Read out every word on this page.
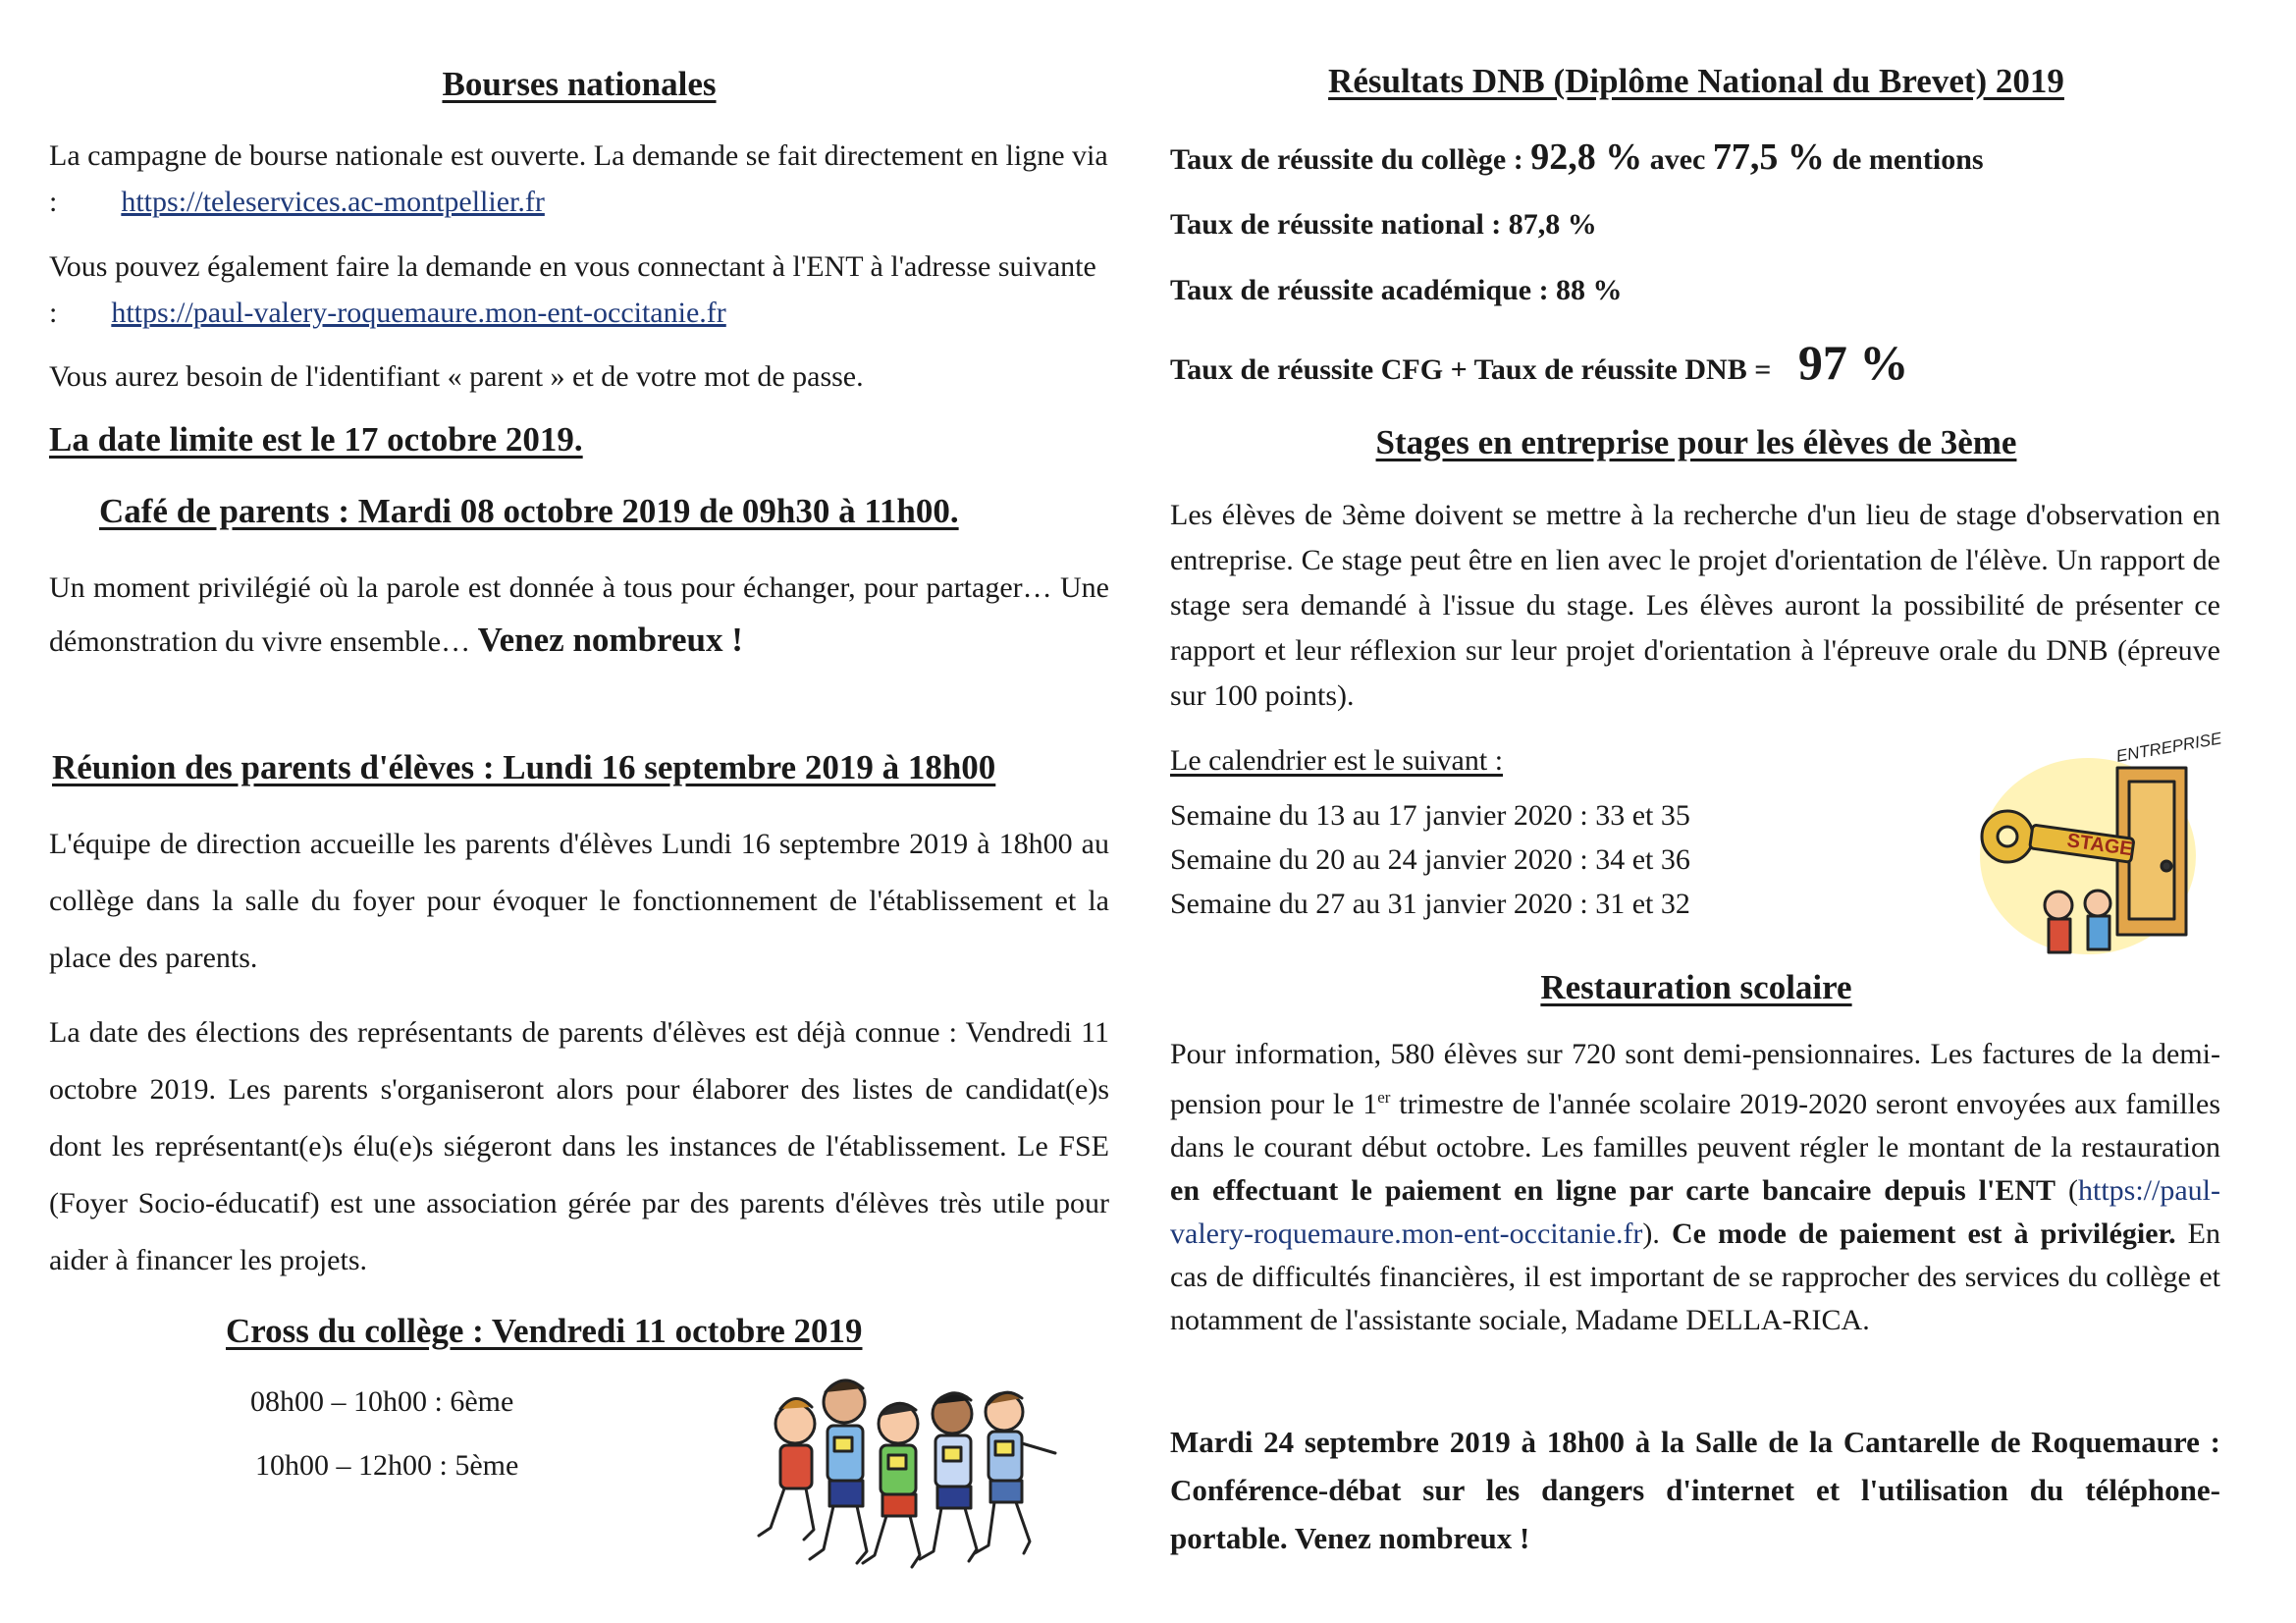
Bourses nationales

La campagne de bourse nationale est ouverte. La demande se fait directement en ligne via : https://teleservices.ac-montpellier.fr

Vous pouvez également faire la demande en vous connectant à l'ENT à l'adresse suivante : https://paul-valery-roquemaure.mon-ent-occitanie.fr

Vous aurez besoin de l'identifiant « parent » et de votre mot de passe.

La date limite est le 17 octobre 2019.
Café de parents : Mardi 08 octobre 2019 de 09h30 à 11h00.

Un moment privilégié où la parole est donnée à tous pour échanger, pour partager… Une démonstration du vivre ensemble… Venez nombreux !

Réunion des parents d'élèves : Lundi 16 septembre 2019 à 18h00

L'équipe de direction accueille les parents d'élèves Lundi 16 septembre 2019 à 18h00 au collège dans la salle du foyer pour évoquer le fonctionnement de l'établissement et la place des parents.

La date des élections des représentants de parents d'élèves est déjà connue : Vendredi 11 octobre 2019. Les parents s'organiseront alors pour élaborer des listes de candidat(e)s dont les représentant(e)s élu(e)s siégeront dans les instances de l'établissement. Le FSE (Foyer Socio-éducatif) est une association gérée par des parents d'élèves très utile pour aider à financer les projets.

Cross du collège : Vendredi 11 octobre 2019
08h00 – 10h00 : 6ème
10h00 – 12h00 : 5ème
Résultats DNB (Diplôme National du Brevet) 2019
Taux de réussite du collège : 92,8 % avec 77,5 % de mentions
Taux de réussite national : 87,8 %
Taux de réussite académique : 88 %
Taux de réussite CFG + Taux de réussite DNB = 97 %
Stages en entreprise pour les élèves de 3ème

Les élèves de 3ème doivent se mettre à la recherche d'un lieu de stage d'observation en entreprise. Ce stage peut être en lien avec le projet d'orientation de l'élève. Un rapport de stage sera demandé à l'issue du stage. Les élèves auront la possibilité de présenter ce rapport et leur réflexion sur leur projet d'orientation à l'épreuve orale du DNB (épreuve sur 100 points).

Le calendrier est le suivant :
Semaine du 13 au 17 janvier 2020 : 33 et 35
Semaine du 20 au 24 janvier 2020 : 34 et 36
Semaine du 27 au 31 janvier 2020 : 31 et 32
STAGE
ENTREPRISE
Restauration scolaire

Pour information, 580 élèves sur 720 sont demi-pensionnaires. Les factures de la demi-pension pour le 1er trimestre de l'année scolaire 2019-2020 seront envoyées aux familles dans le courant début octobre. Les familles peuvent régler le montant de la restauration en effectuant le paiement en ligne par carte bancaire depuis l'ENT (https://paul-valery-roquemaure.mon-ent-occitanie.fr). Ce mode de paiement est à privilégier. En cas de difficultés financières, il est important de se rapprocher des services du collège et notamment de l'assistante sociale, Madame DELLA-RICA.

Mardi 24 septembre 2019 à 18h00 à la Salle de la Cantarelle de Roquemaure : Conférence-débat sur les dangers d'internet et l'utilisation du téléphone-portable. Venez nombreux !
